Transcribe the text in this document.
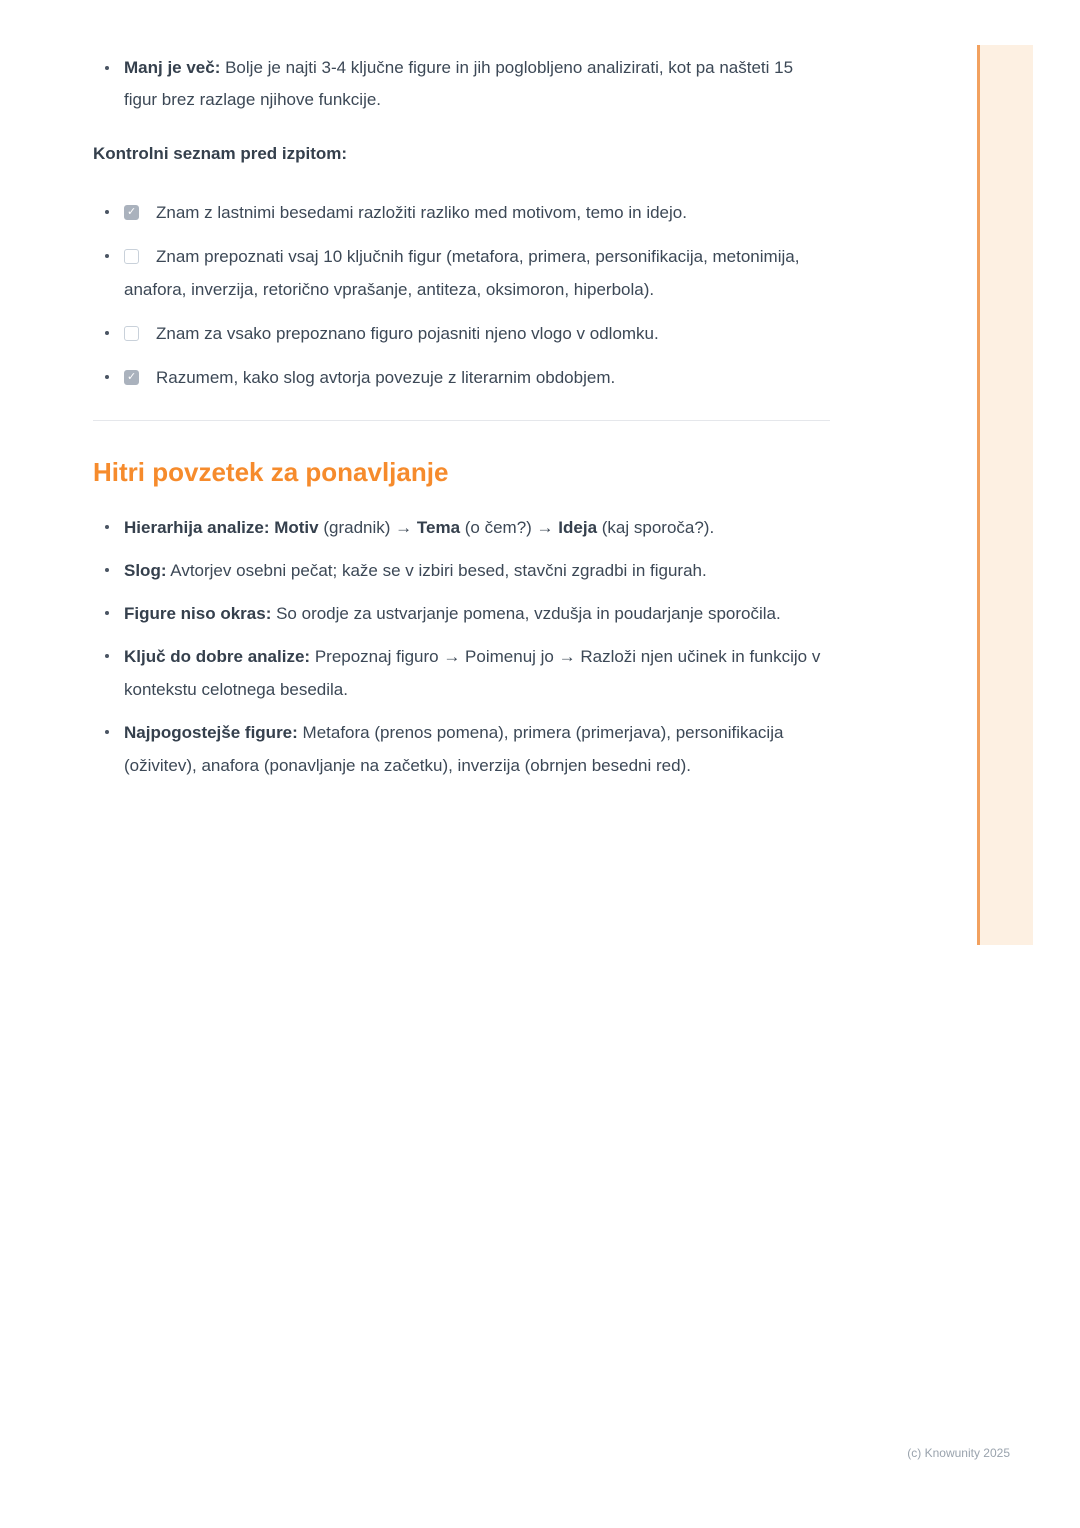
Manj je več: Bolje je najti 3-4 ključne figure in jih poglobljeno analizirati, kot pa našteti 15 figur brez razlage njihove funkcije.

Kontrolni seznam pred izpitom:

✓Znam z lastnimi besedami razložiti razliko med motivom, temo in idejo.
Znam prepoznati vsaj 10 ključnih figur (metafora, primera, personifikacija, metonimija, anafora, inverzija, retorično vprašanje, antiteza, oksimoron, hiperbola).
Znam za vsako prepoznano figuro pojasniti njeno vlogo v odlomku.
✓Razumem, kako slog avtorja povezuje z literarnim obdobjem.
Hitri povzetek za ponavljanje
Hierarhija analize: Motiv (gradnik) → Tema (o čem?) → Ideja (kaj sporoča?).
Slog: Avtorjev osebni pečat; kaže se v izbiri besed, stavčni zgradbi in figurah.
Figure niso okras: So orodje za ustvarjanje pomena, vzdušja in poudarjanje sporočila.
Ključ do dobre analize: Prepoznaj figuro → Poimenuj jo → Razloži njen učinek in funkcijo v kontekstu celotnega besedila.
Najpogostejše figure: Metafora (prenos pomena), primera (primerjava), personifikacija (oživitev), anafora (ponavljanje na začetku), inverzija (obrnjen besedni red).
(c) Knowunity 2025
